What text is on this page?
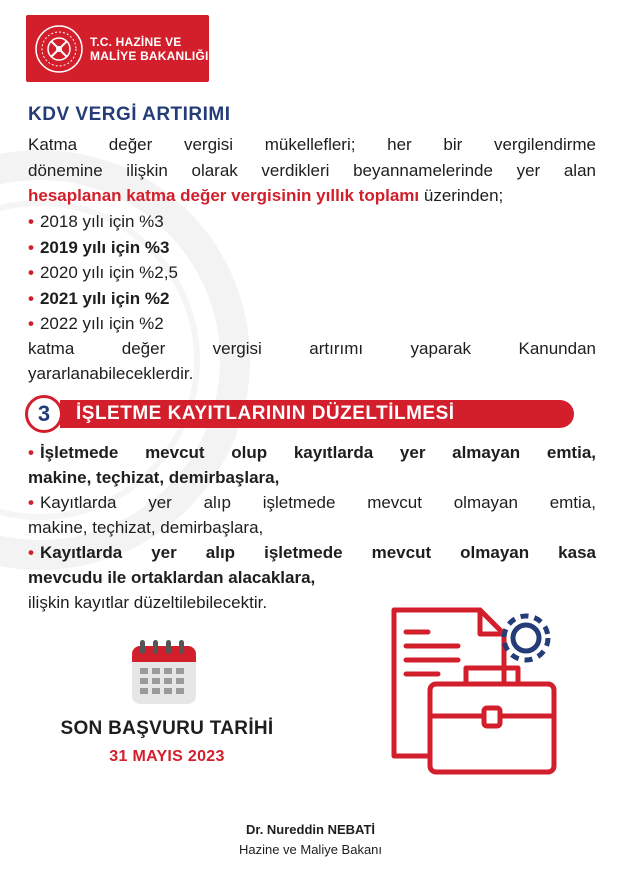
T.C. HAZİNE VE
MALİYE BAKANLIĞI
KDV VERGİ ARTIRIMI
Katma değer vergisi mükellefleri; her bir vergilendirme
dönemine ilişkin olarak verdikleri beyannamelerinde yer alan
hesaplanan katma değer vergisinin yıllık toplamı üzerinden;
• 2018 yılı için %3
• 2019 yılı için %3
• 2020 yılı için %2,5
• 2021 yılı için %2
• 2022 yılı için %2
katma değer vergisi artırımı yaparak Kanundan
yararlanabileceklerdir.
İŞLETME KAYITLARININ DÜZELTİLMESİ
3
• İşletmede mevcut olup kayıtlarda yer almayan emtia,
makine, teçhizat, demirbaşlara,
• Kayıtlarda yer alıp işletmede mevcut olmayan emtia,
makine, teçhizat, demirbaşlara,
• Kayıtlarda yer alıp işletmede mevcut olmayan kasa
mevcudu ile ortaklardan alacaklara,
ilişkin kayıtlar düzeltilebilecektir.
SON BAŞVURU TARİHİ
31 MAYIS 2023
Dr. Nureddin NEBATİ
Hazine ve Maliye Bakanı
